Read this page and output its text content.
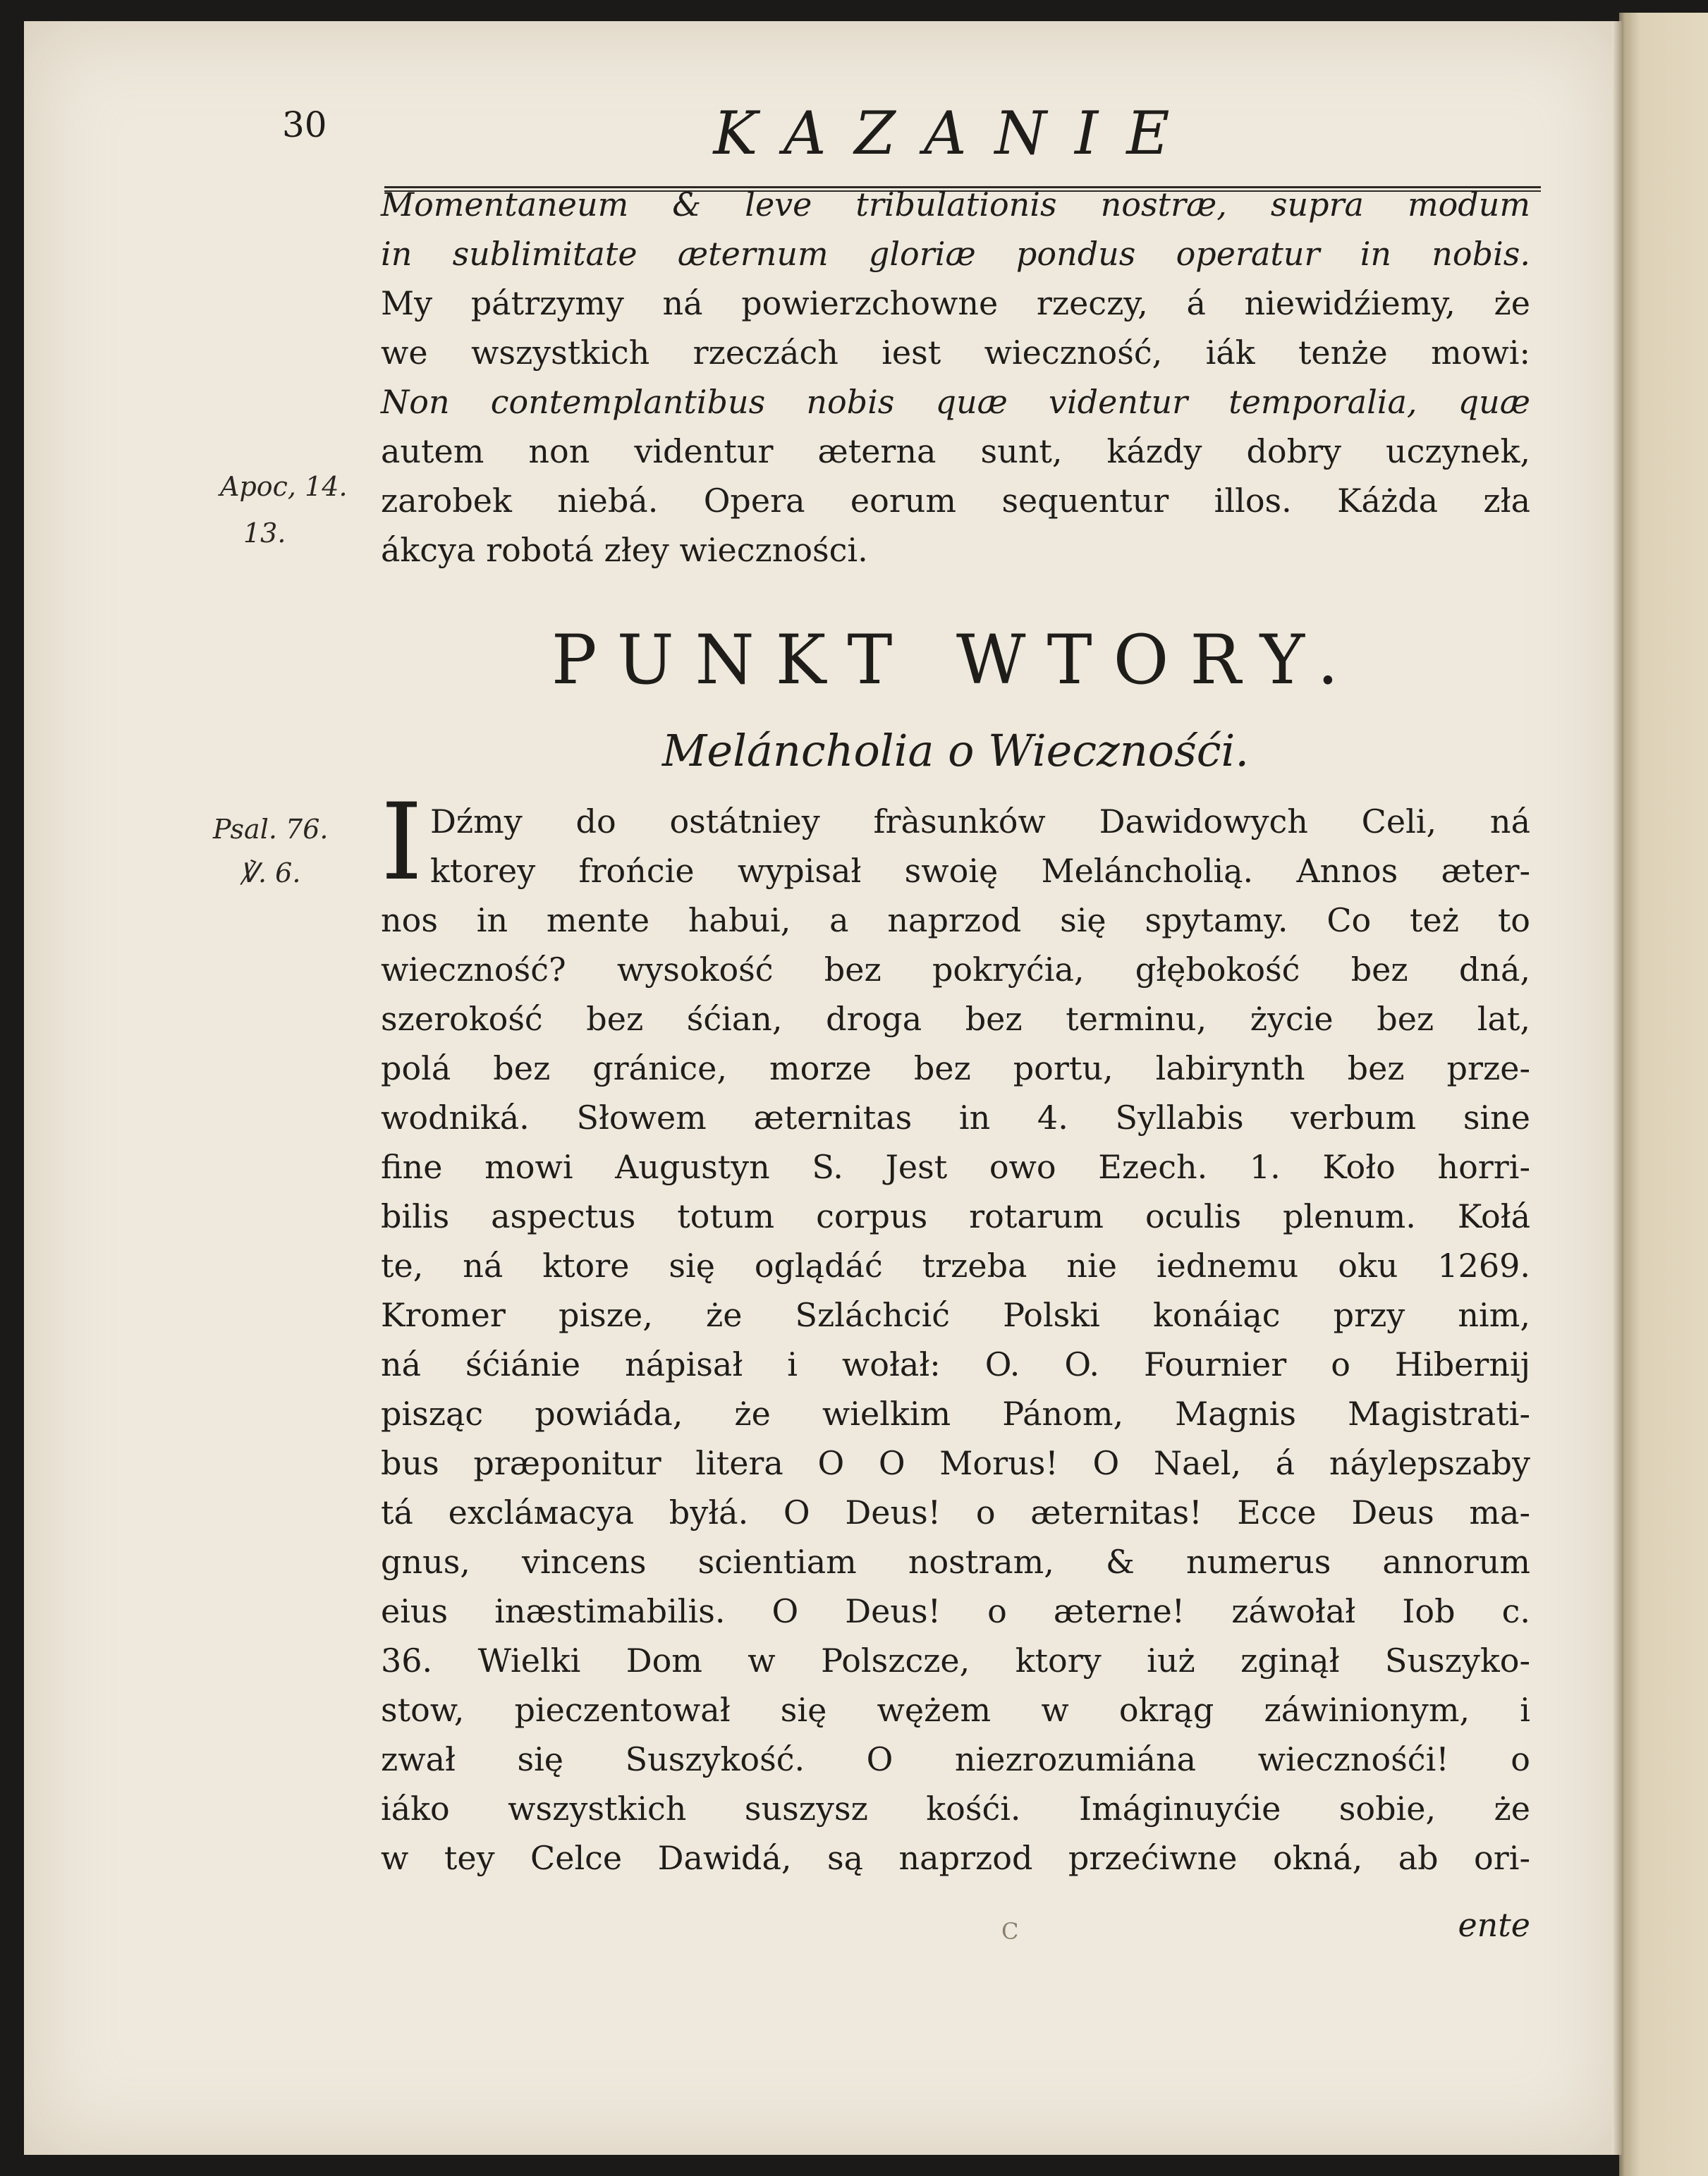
30	KAZANIE
Apoc, 14.
13.
Psal. 76.
℣. 6.
Momentaneum & leve tribulationis nostræ, supra modum
in sublimitate æternum gloriæ pondus operatur in nobis.
My pátrzymy ná powierzchowne rzeczy, á niewidźiemy, że
we wszystkich rzeczách iest wieczność, iák tenże mowi:
Non contemplantibus nobis quæ videntur temporalia, quæ
autem non videntur æterna sunt, kázdy dobry uczynek,
zarobek niebá. Opera eorum sequentur illos. Káżda zła
ákcya robotá złey wieczności.
PUNKT WTORY.
Meláncholia o Wiecznośći.
I Dźmy do ostátniey fràsunków Dawidowych Celi, ná
ktorey frońcie wypisał swoię Meláncholią. Annos æter-
nos in mente habui, a naprzod się spytamy. Co też to
wieczność? wysokość bez pokryćia, głębokość bez dná,
szerokość bez śćian, droga bez terminu, życie bez lat,
polá bez gránice, morze bez portu, labirynth bez prze-
wodniká. Słowem æternitas in 4. Syllabis verbum sine
fine mowi Augustyn S. Jest owo Ezech. 1. Koło horri-
bilis aspectus totum corpus rotarum oculis plenum. Kołá
te, ná ktore się oglądáć trzeba nie iednemu oku 1269.
Kromer pisze, że Szláchcić Polski konáiąc przy nim,
ná śćiánie nápisał i wołał: O. O. Fournier o Hibernij
pisząc powiáda, że wielkim Pánom, Magnis Magistrati-
bus præponitur litera O O Morus! O Nael, á náylepszaby
tá excláмacya byłá. O Deus! o æternitas! Ecce Deus ma-
gnus, vincens scientiam nostram, & numerus annorum
eius inæstimabilis. O Deus! o æterne! záwołał Iob c.
36. Wielki Dom w Polszcze, ktory iuż zginął Suszyko-
stow, pieczentował się wężem w okrąg záwinionym, i
zwał się Suszykość. O niezrozumiána wiecznośći! o
iáko wszystkich suszysz kośći. Imáginuyćie sobie, że
w tey Celce Dawidá, są naprzod przećiwne okná, ab ori-
ente
C
